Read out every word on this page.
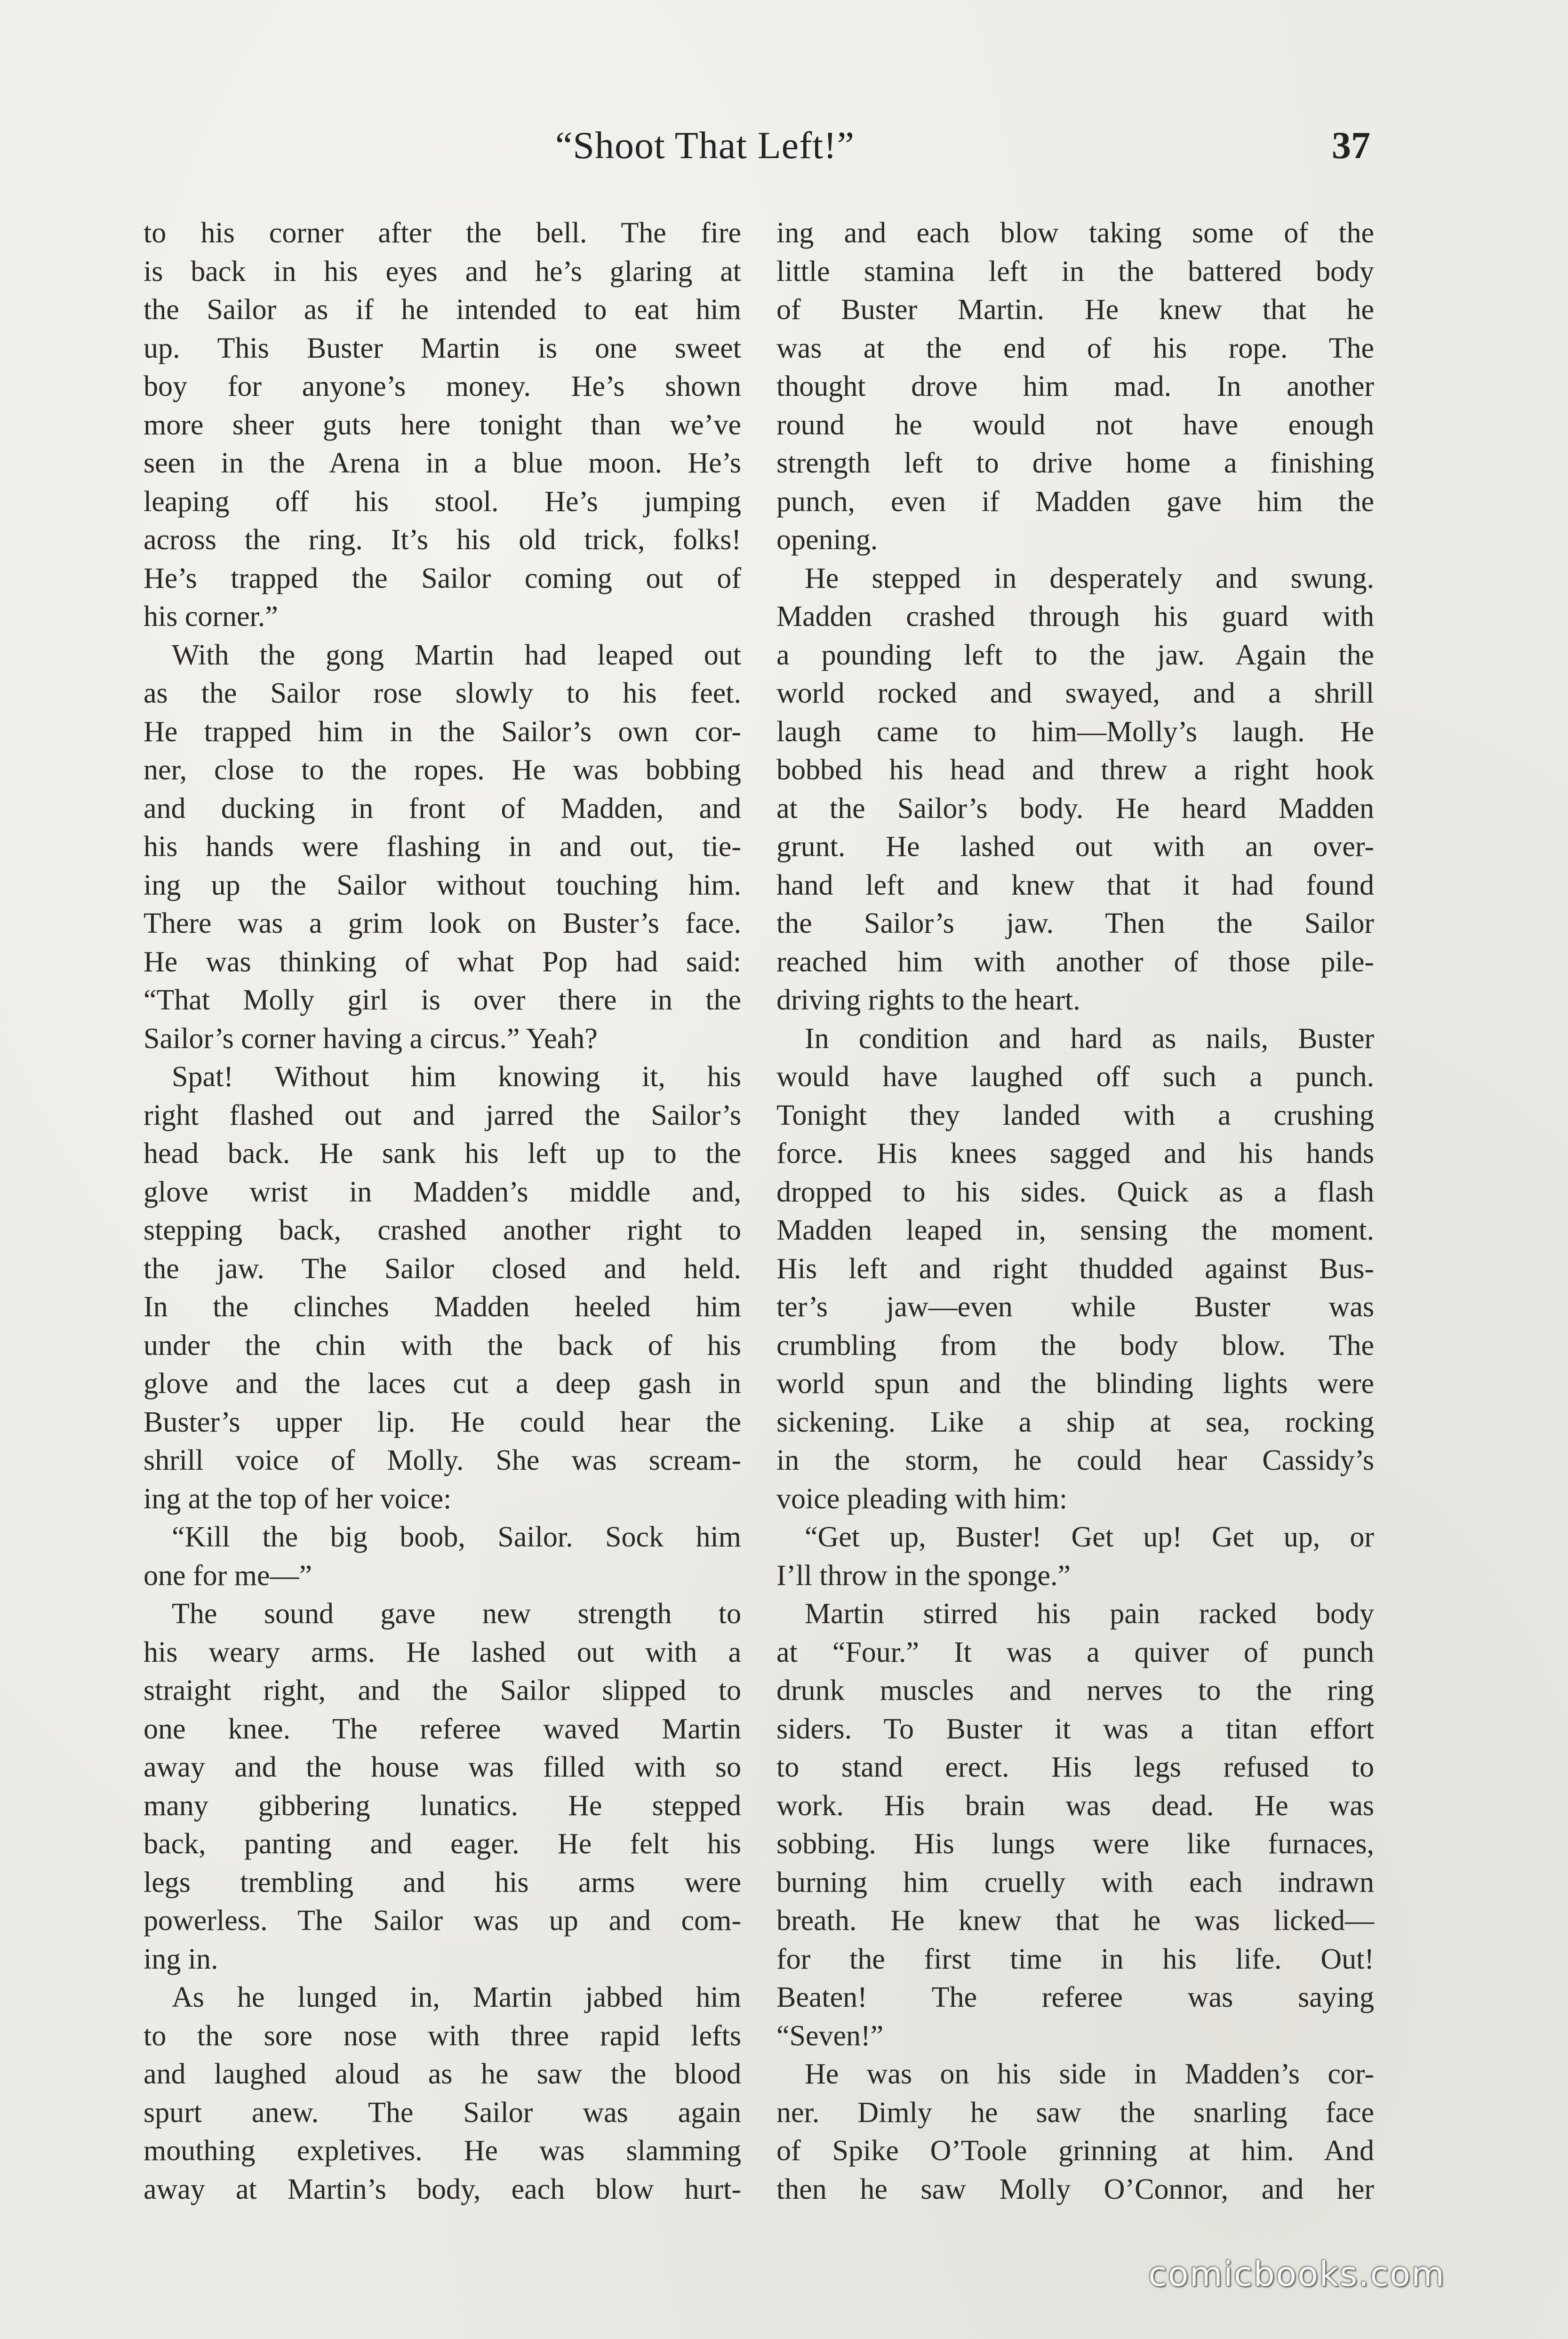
“Shoot That Left!”	37
to his corner after the bell. The fire
is back in his eyes and he’s glaring at
the Sailor as if he intended to eat him
up. This Buster Martin is one sweet
boy for anyone’s money. He’s shown
more sheer guts here tonight than we’ve
seen in the Arena in a blue moon. He’s
leaping off his stool. He’s jumping
across the ring. It’s his old trick, folks!
He’s trapped the Sailor coming out of
his corner.”
With the gong Martin had leaped out
as the Sailor rose slowly to his feet.
He trapped him in the Sailor’s own cor-
ner, close to the ropes. He was bobbing
and ducking in front of Madden, and
his hands were flashing in and out, tie-
ing up the Sailor without touching him.
There was a grim look on Buster’s face.
He was thinking of what Pop had said:
“That Molly girl is over there in the
Sailor’s corner having a circus.” Yeah?
Spat! Without him knowing it, his
right flashed out and jarred the Sailor’s
head back. He sank his left up to the
glove wrist in Madden’s middle and,
stepping back, crashed another right to
the jaw. The Sailor closed and held.
In the clinches Madden heeled him
under the chin with the back of his
glove and the laces cut a deep gash in
Buster’s upper lip. He could hear the
shrill voice of Molly. She was scream-
ing at the top of her voice:
“Kill the big boob, Sailor. Sock him
one for me—”
The sound gave new strength to
his weary arms. He lashed out with a
straight right, and the Sailor slipped to
one knee. The referee waved Martin
away and the house was filled with so
many gibbering lunatics. He stepped
back, panting and eager. He felt his
legs trembling and his arms were
powerless. The Sailor was up and com-
ing in.
As he lunged in, Martin jabbed him
to the sore nose with three rapid lefts
and laughed aloud as he saw the blood
spurt anew. The Sailor was again
mouthing expletives. He was slamming
away at Martin’s body, each blow hurt-
ing and each blow taking some of the
little stamina left in the battered body
of Buster Martin. He knew that he
was at the end of his rope. The
thought drove him mad. In another
round he would not have enough
strength left to drive home a finishing
punch, even if Madden gave him the
opening.
He stepped in desperately and swung.
Madden crashed through his guard with
a pounding left to the jaw. Again the
world rocked and swayed, and a shrill
laugh came to him—Molly’s laugh. He
bobbed his head and threw a right hook
at the Sailor’s body. He heard Madden
grunt. He lashed out with an over-
hand left and knew that it had found
the Sailor’s jaw. Then the Sailor
reached him with another of those pile-
driving rights to the heart.
In condition and hard as nails, Buster
would have laughed off such a punch.
Tonight they landed with a crushing
force. His knees sagged and his hands
dropped to his sides. Quick as a flash
Madden leaped in, sensing the moment.
His left and right thudded against Bus-
ter’s jaw—even while Buster was
crumbling from the body blow. The
world spun and the blinding lights were
sickening. Like a ship at sea, rocking
in the storm, he could hear Cassidy’s
voice pleading with him:
“Get up, Buster! Get up! Get up, or
I’ll throw in the sponge.”
Martin stirred his pain racked body
at “Four.” It was a quiver of punch
drunk muscles and nerves to the ring
siders. To Buster it was a titan effort
to stand erect. His legs refused to
work. His brain was dead. He was
sobbing. His lungs were like furnaces,
burning him cruelly with each indrawn
breath. He knew that he was licked—
for the first time in his life. Out!
Beaten! The referee was saying
“Seven!”
He was on his side in Madden’s cor-
ner. Dimly he saw the snarling face
of Spike O’Toole grinning at him. And
then he saw Molly O’Connor, and her
comicbooks.com
